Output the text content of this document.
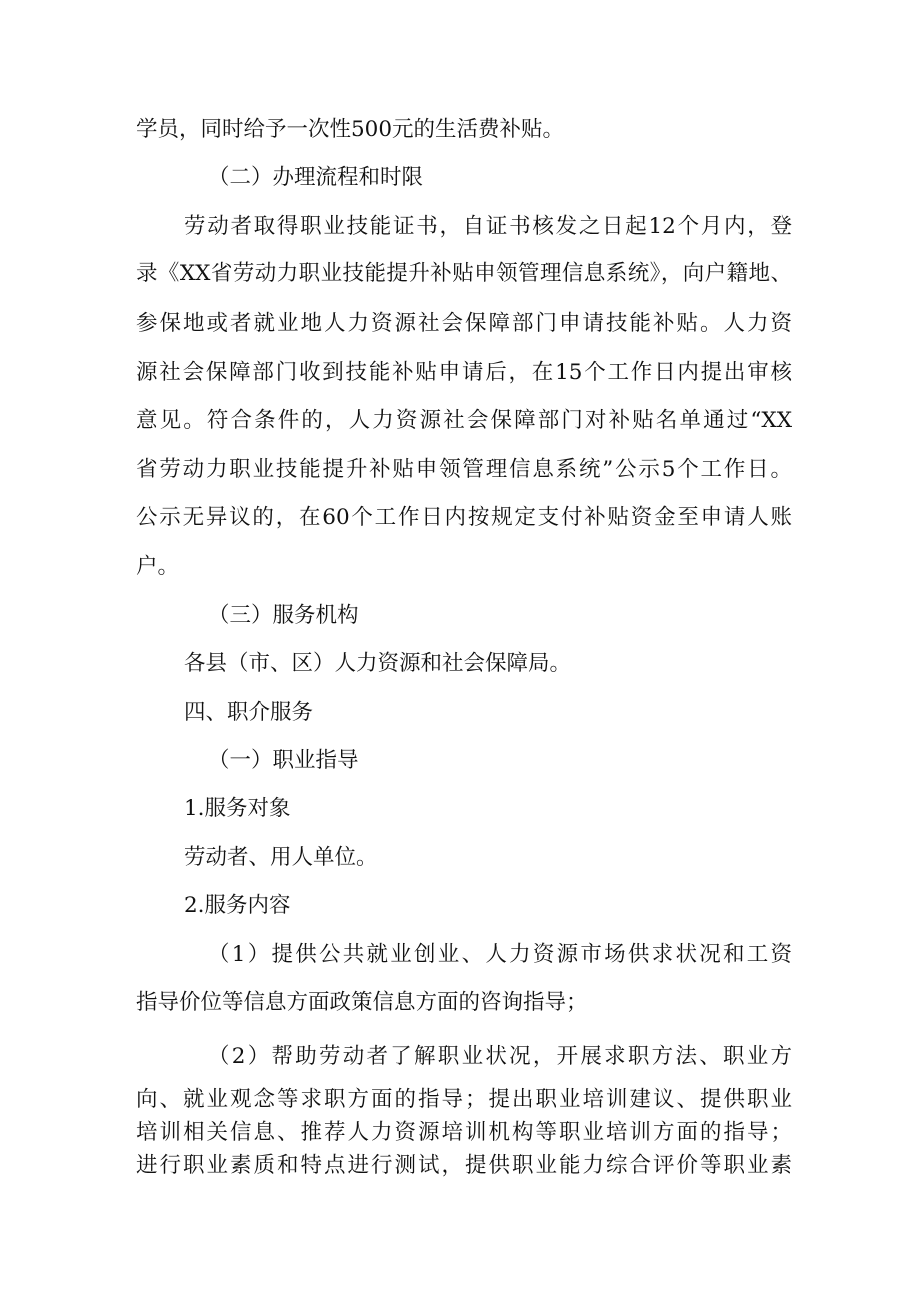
学员，同时给予一次性500元的生活费补贴。
（二）办理流程和时限
劳动者取得职业技能证书，自证书核发之日起12个月内，登
录《XX省劳动力职业技能提升补贴申领管理信息系统》，向户籍地、
参保地或者就业地人力资源社会保障部门申请技能补贴。人力资
源社会保障部门收到技能补贴申请后，在15个工作日内提出审核
意见。符合条件的，人力资源社会保障部门对补贴名单通过“XX
省劳动力职业技能提升补贴申领管理信息系统”公示5个工作日。
公示无异议的，在60个工作日内按规定支付补贴资金至申请人账
户。
（三）服务机构
各县（市、区）人力资源和社会保障局。
四、职介服务
（一）职业指导
1.服务对象
劳动者、用人单位。
2.服务内容
（1）提供公共就业创业、人力资源市场供求状况和工资
指导价位等信息方面政策信息方面的咨询指导；
（2）帮助劳动者了解职业状况，开展求职方法、职业方
向、就业观念等求职方面的指导；提出职业培训建议、提供职业
培训相关信息、推荐人力资源培训机构等职业培训方面的指导；
进行职业素质和特点进行测试，提供职业能力综合评价等职业素
